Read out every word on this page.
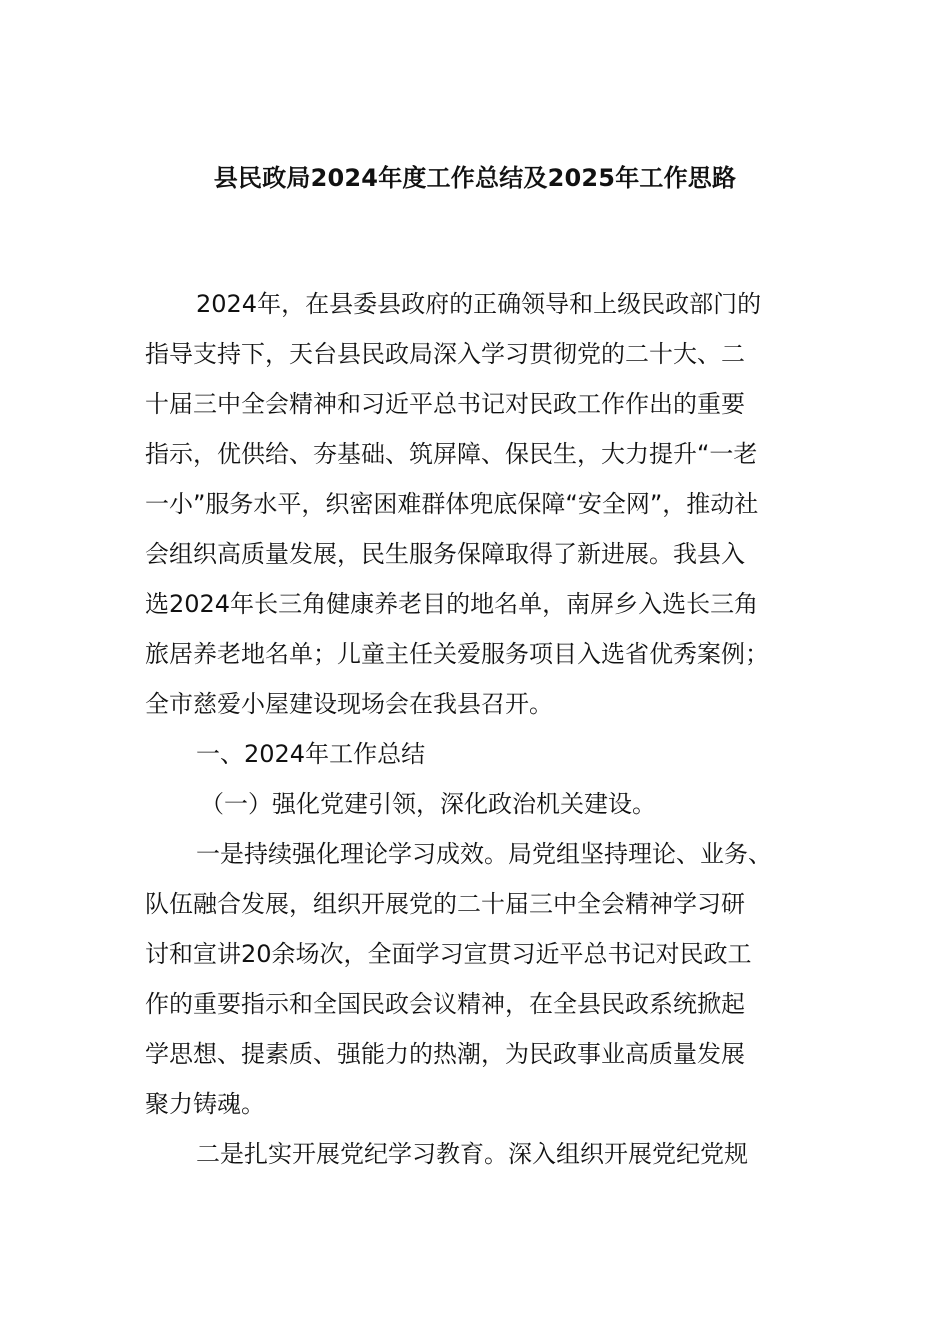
县民政局2024年度工作总结及2025年工作思路
2024年，在县委县政府的正确领导和上级民政部门的
指导支持下，天台县民政局深入学习贯彻党的二十大、二
十届三中全会精神和习近平总书记对民政工作作出的重要
指示，优供给、夯基础、筑屏障、保民生，大力提升“一老
一小”服务水平，织密困难群体兜底保障“安全网”，推动社
会组织高质量发展，民生服务保障取得了新进展。我县入
选2024年长三角健康养老目的地名单，南屏乡入选长三角
旅居养老地名单；儿童主任关爱服务项目入选省优秀案例；
全市慈爱小屋建设现场会在我县召开。
一、2024年工作总结
（一）强化党建引领，深化政治机关建设。
一是持续强化理论学习成效。局党组坚持理论、业务、
队伍融合发展，组织开展党的二十届三中全会精神学习研
讨和宣讲20余场次，全面学习宣贯习近平总书记对民政工
作的重要指示和全国民政会议精神，在全县民政系统掀起
学思想、提素质、强能力的热潮，为民政事业高质量发展
聚力铸魂。
二是扎实开展党纪学习教育。深入组织开展党纪党规
